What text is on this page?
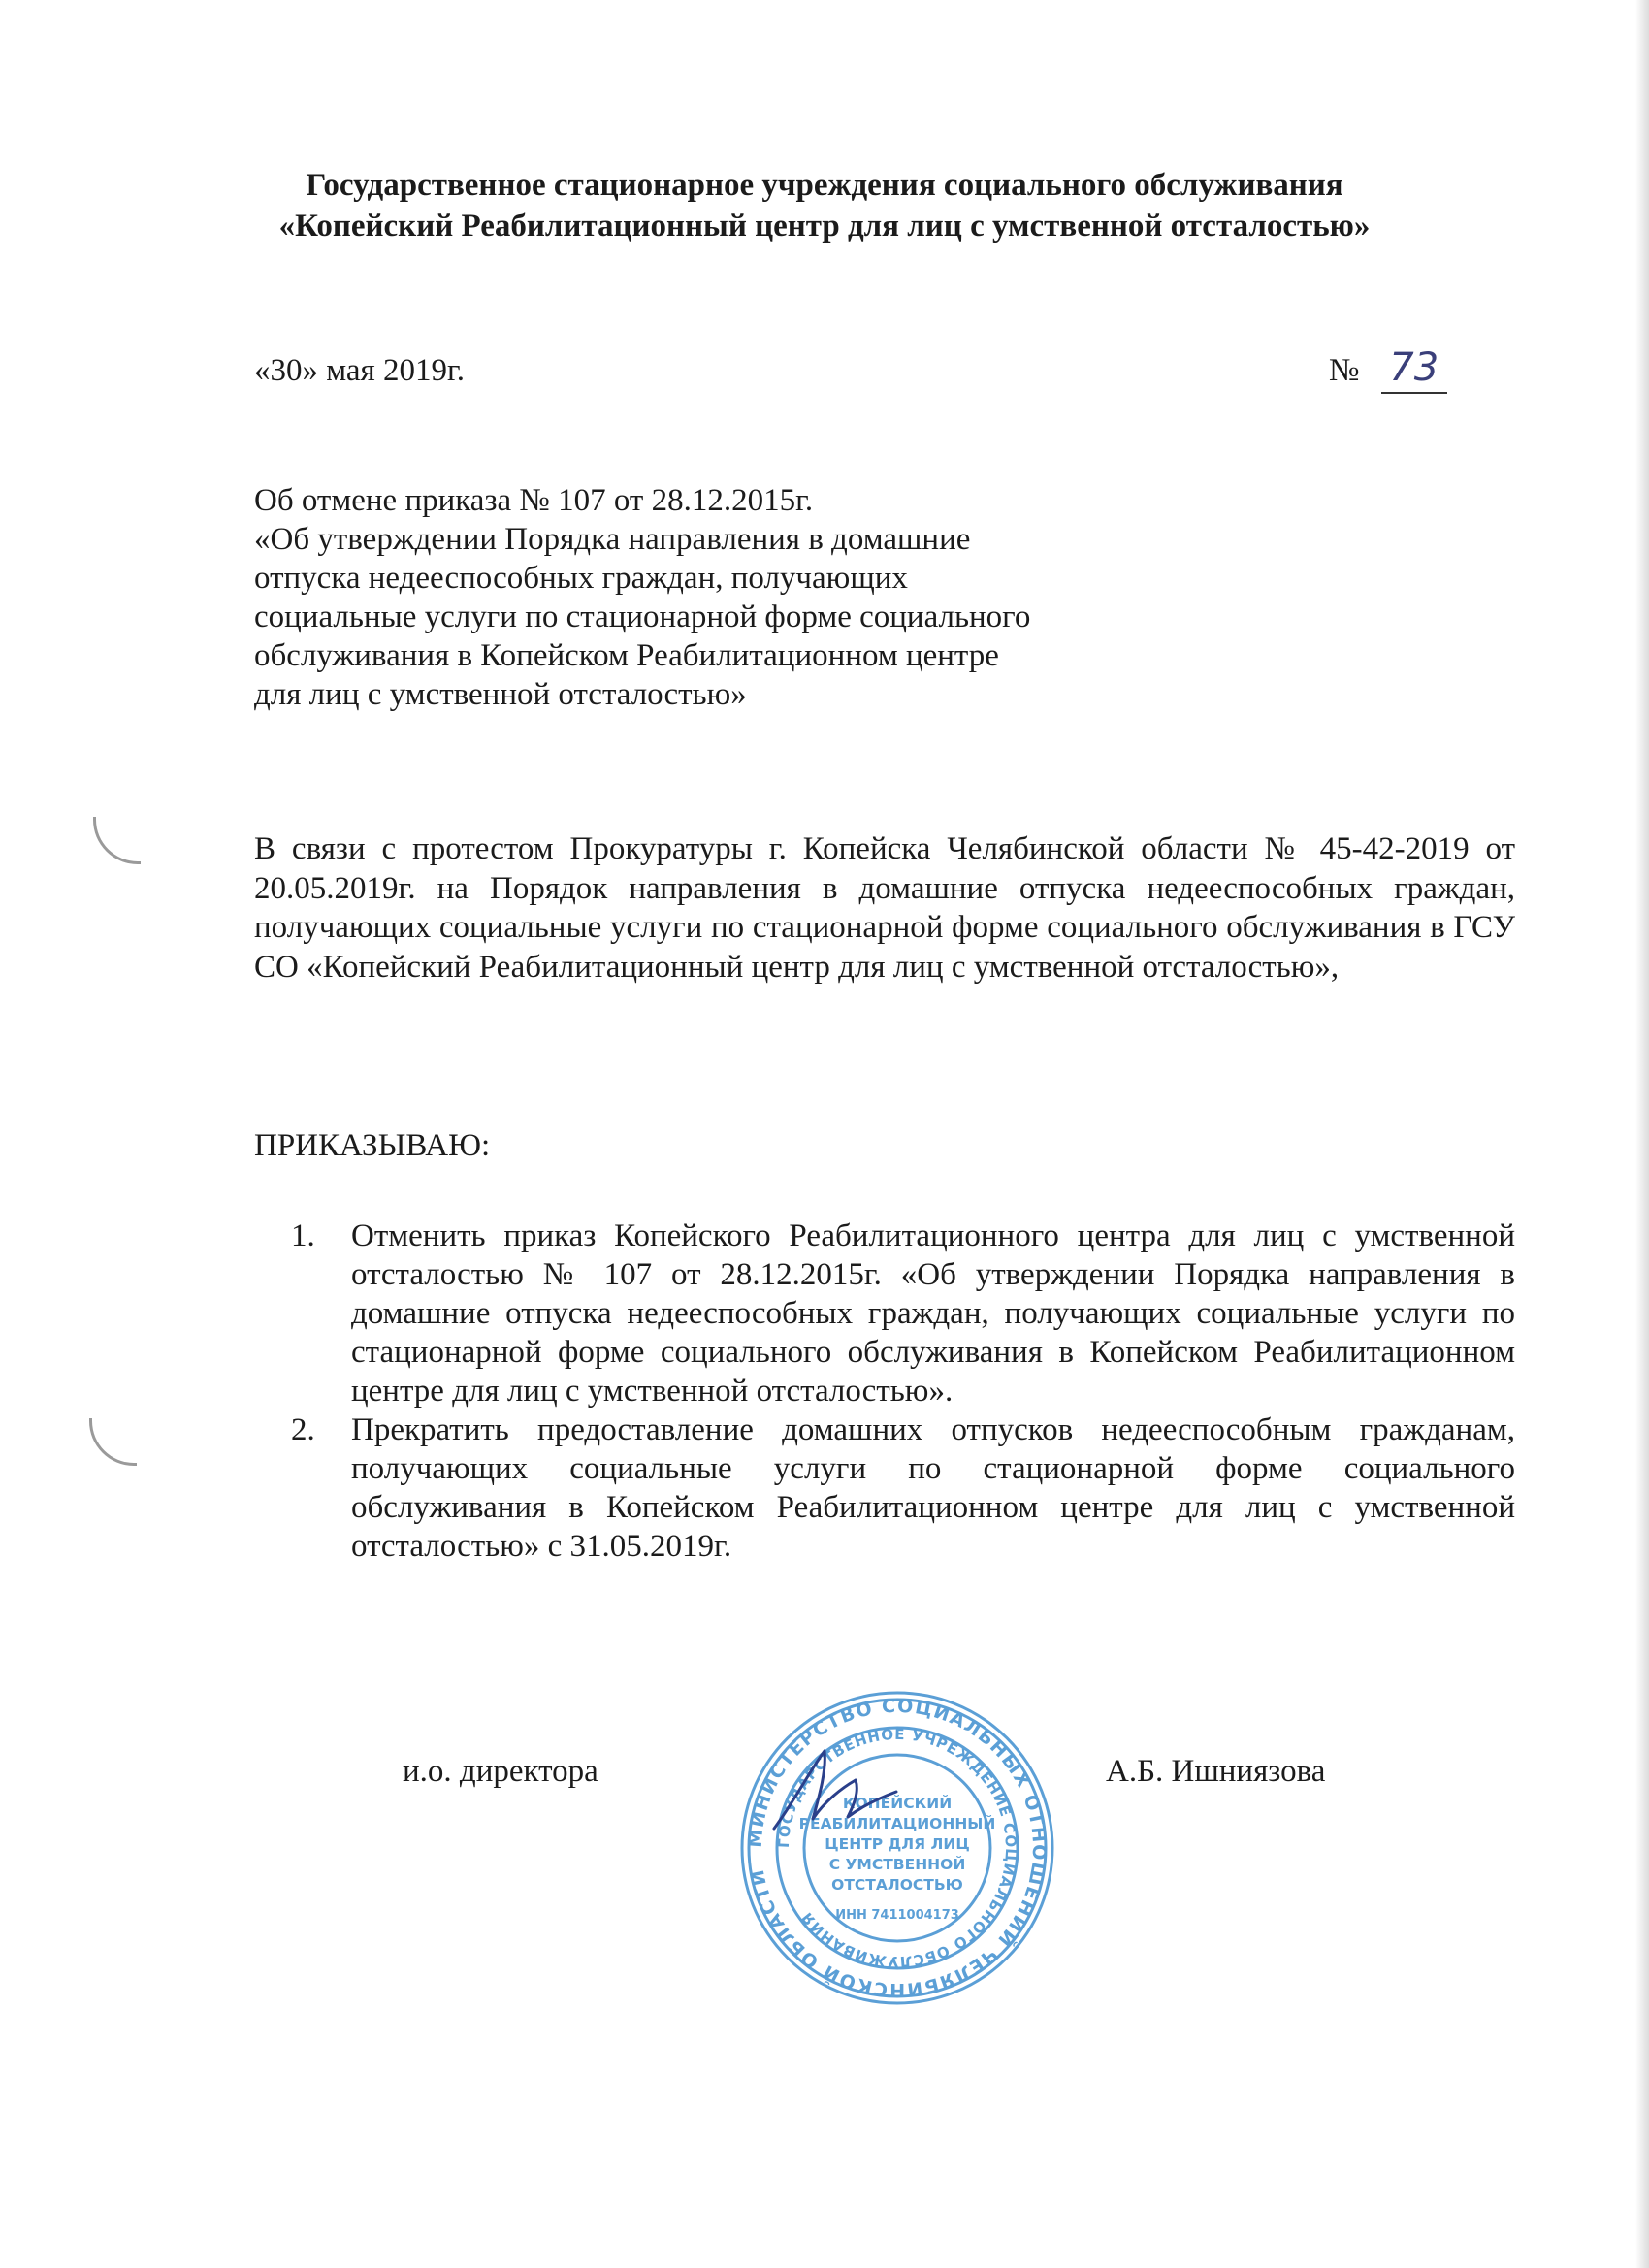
Государственное стационарное учреждения социального обслуживания
«Копейский Реабилитационный центр для лиц с умственной отсталостью»
«30» мая 2019г.	№ 73
Об отмене приказа № 107 от 28.12.2015г.
«Об утверждении Порядка направления в домашние
отпуска недееспособных граждан, получающих
социальные услуги по стационарной форме социального
обслуживания в Копейском Реабилитационном центре
для лиц с умственной отсталостью»
В связи с протестом Прокуратуры г. Копейска Челябинской области № 45-42-2019 от 20.05.2019г. на Порядок направления в домашние отпуска недееспособных граждан, получающих социальные услуги по стационарной форме социального обслуживания в ГСУ СО «Копейский Реабилитационный центр для лиц с умственной отсталостью»,
ПРИКАЗЫВАЮ:
1. Отменить приказ Копейского Реабилитационного центра для лиц с умственной отсталостью № 107 от 28.12.2015г. «Об утверждении Порядка направления в домашние отпуска недееспособных граждан, получающих социальные услуги по стационарной форме социального обслуживания в Копейском Реабилитационном центре для лиц с умственной отсталостью».
2. Прекратить предоставление домашних отпусков недееспособным гражданам, получающих социальные услуги по стационарной форме социального обслуживания в Копейском Реабилитационном центре для лиц с умственной отсталостью» с 31.05.2019г.
и.о. директора	А.Б. Ишниязова
МИНИСТЕРСТВО СОЦИАЛЬНЫХ ОТНОШЕНИЙ ЧЕЛЯБИНСКОЙ ОБЛАСТИ
ГОСУДАРСТВЕННОЕ УЧРЕЖДЕНИЕ СОЦИАЛЬНОГО ОБСЛУЖИВАНИЯ
КОПЕЙСКИЙ
РЕАБИЛИТАЦИОННЫЙ
ЦЕНТР ДЛЯ ЛИЦ
С УМСТВЕННОЙ
ОТСТАЛОСТЬЮ
ИНН 7411004173
